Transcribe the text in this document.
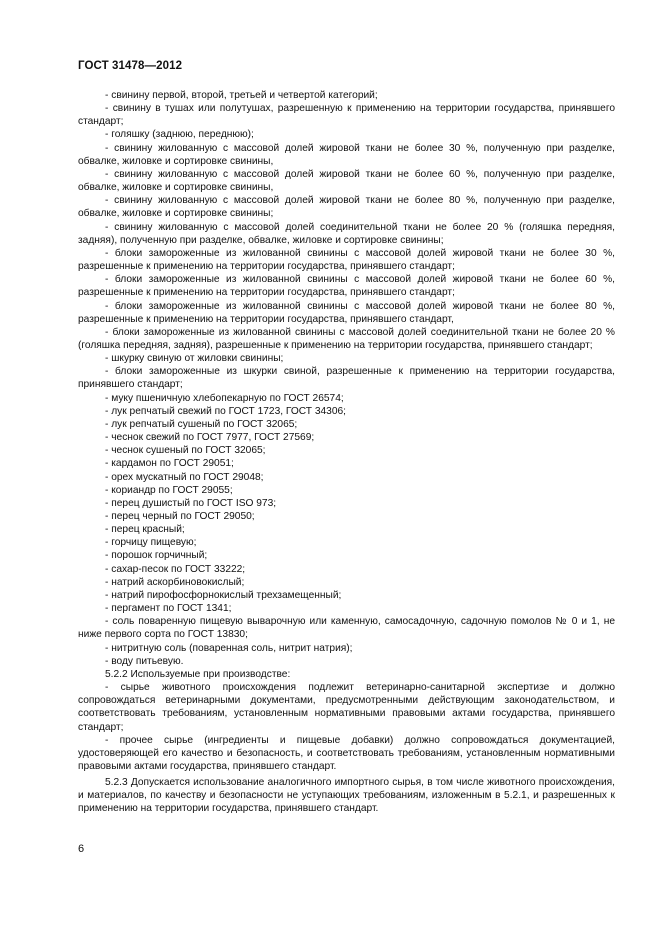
ГОСТ 31478—2012

- свинину первой, второй, третьей и четвертой категорий;

- свинину в тушах или полутушах, разрешенную к применению на территории государства, принявшего стандарт;

- голяшку (заднюю, переднюю);

- свинину жилованную с массовой долей жировой ткани не более 30 %, полученную при разделке, обвалке, жиловке и сортировке свинины,

- свинину жилованную с массовой долей жировой ткани не более 60 %, полученную при разделке, обвалке, жиловке и сортировке свинины,

- свинину жилованную с массовой долей жировой ткани не более 80 %, полученную при разделке, обвалке, жиловке и сортировке свинины;

- свинину жилованную с массовой долей соединительной ткани не более 20 % (голяшка передняя, задняя), полученную при разделке, обвалке, жиловке и сортировке свинины;

- блоки замороженные из жилованной свинины с массовой долей жировой ткани не более 30 %, разрешенные к применению на территории государства, принявшего стандарт;

- блоки замороженные из жилованной свинины с массовой долей жировой ткани не более 60 %, разрешенные к применению на территории государства, принявшего стандарт;

- блоки замороженные из жилованной свинины с массовой долей жировой ткани не более 80 %, разрешенные к применению на территории государства, принявшего стандарт,

- блоки замороженные из жилованной свинины с массовой долей соединительной ткани не более 20 % (голяшка передняя, задняя), разрешенные к применению на территории государства, принявшего стандарт;

- шкурку свиную от жиловки свинины;

- блоки замороженные из шкурки свиной, разрешенные к применению на территории государства, принявшего стандарт;

- муку пшеничную хлебопекарную по ГОСТ 26574;

- лук репчатый свежий по ГОСТ 1723, ГОСТ 34306;

- лук репчатый сушеный по ГОСТ 32065;

- чеснок свежий по ГОСТ 7977, ГОСТ 27569;

- чеснок сушеный по ГОСТ 32065;

- кардамон по ГОСТ 29051;

- орех мускатный по ГОСТ 29048;

- кориандр по ГОСТ 29055;

- перец душистый по ГОСТ ISO 973;

- перец черный по ГОСТ 29050;

- перец красный;

- горчицу пищевую;

- порошок горчичный;

- сахар-песок по ГОСТ 33222;

- натрий аскорбиновокислый;

- натрий пирофосфорнокислый трехзамещенный;

- пергамент по ГОСТ 1341;

- соль поваренную пищевую выварочную или каменную, самосадочную, садочную помолов № 0 и 1, не ниже первого сорта по ГОСТ 13830;

- нитритную соль (поваренная соль, нитрит натрия);

- воду питьевую.

5.2.2 Используемые при производстве:

- сырье животного происхождения подлежит ветеринарно-санитарной экспертизе и должно сопровождаться ветеринарными документами, предусмотренными действующим законодательством, и соответствовать требованиям, установленным нормативными правовыми актами государства, принявшего стандарт;

- прочее сырье (ингредиенты и пищевые добавки) должно сопровождаться документацией, удостоверяющей его качество и безопасность, и соответствовать требованиям, установленным нормативными правовыми актами государства, принявшего стандарт.

5.2.3 Допускается использование аналогичного импортного сырья, в том числе животного происхождения, и материалов, по качеству и безопасности не уступающих требованиям, изложенным в 5.2.1, и разрешенных к применению на территории государства, принявшего стандарт.

6
